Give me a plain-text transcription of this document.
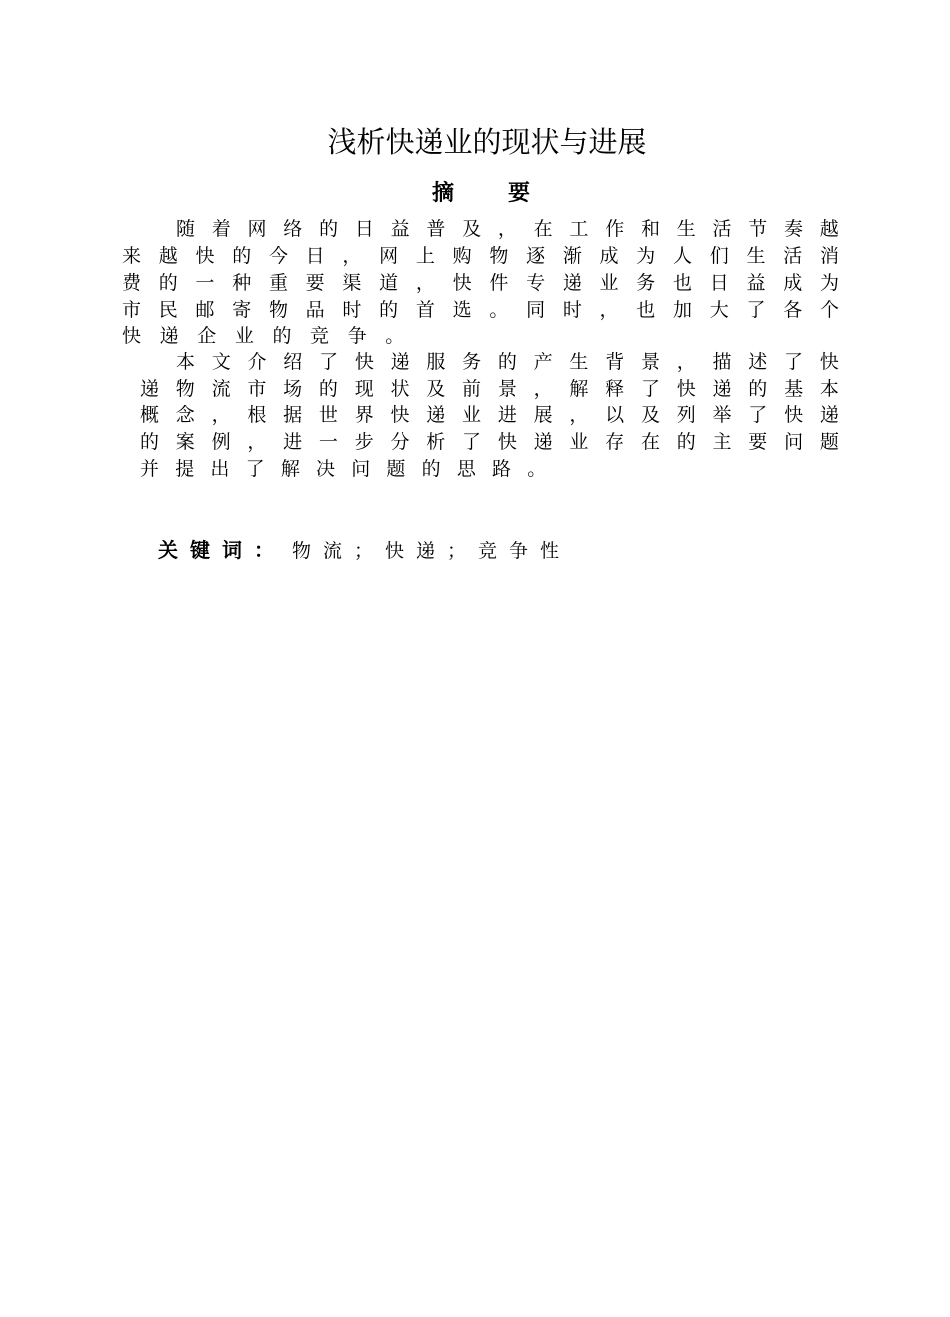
浅析快递业的现状与进展
摘要
随 着 网 络 的 日 益 普 及 ， 在 工 作 和 生 活 节 奏 越
来 越 快 的 今 日 ， 网 上 购 物 逐 渐 成 为 人 们 生 活 消
费 的 一 种 重 要 渠 道 ， 快 件 专 递 业 务 也 日 益 成 为
市 民 邮 寄 物 品 时 的 首 选 。 同 时 ， 也 加 大 了 各 个
快 递 企 业 的 竞 争 。
本 文 介 绍 了 快 递 服 务 的 产 生 背 景 ， 描 述 了 快
递 物 流 市 场 的 现 状 及 前 景 ， 解 释 了 快 递 的 基 本
概 念 ， 根 据 世 界 快 递 业 进 展 ， 以 及 列 举 了 快 递
的 案 例 ， 进 一 步 分 析 了 快 递 业 存 在 的 主 要 问 题
并 提 出 了 解 决 问 题 的 思 路 。
关键词： 物流；快递；竞争性
